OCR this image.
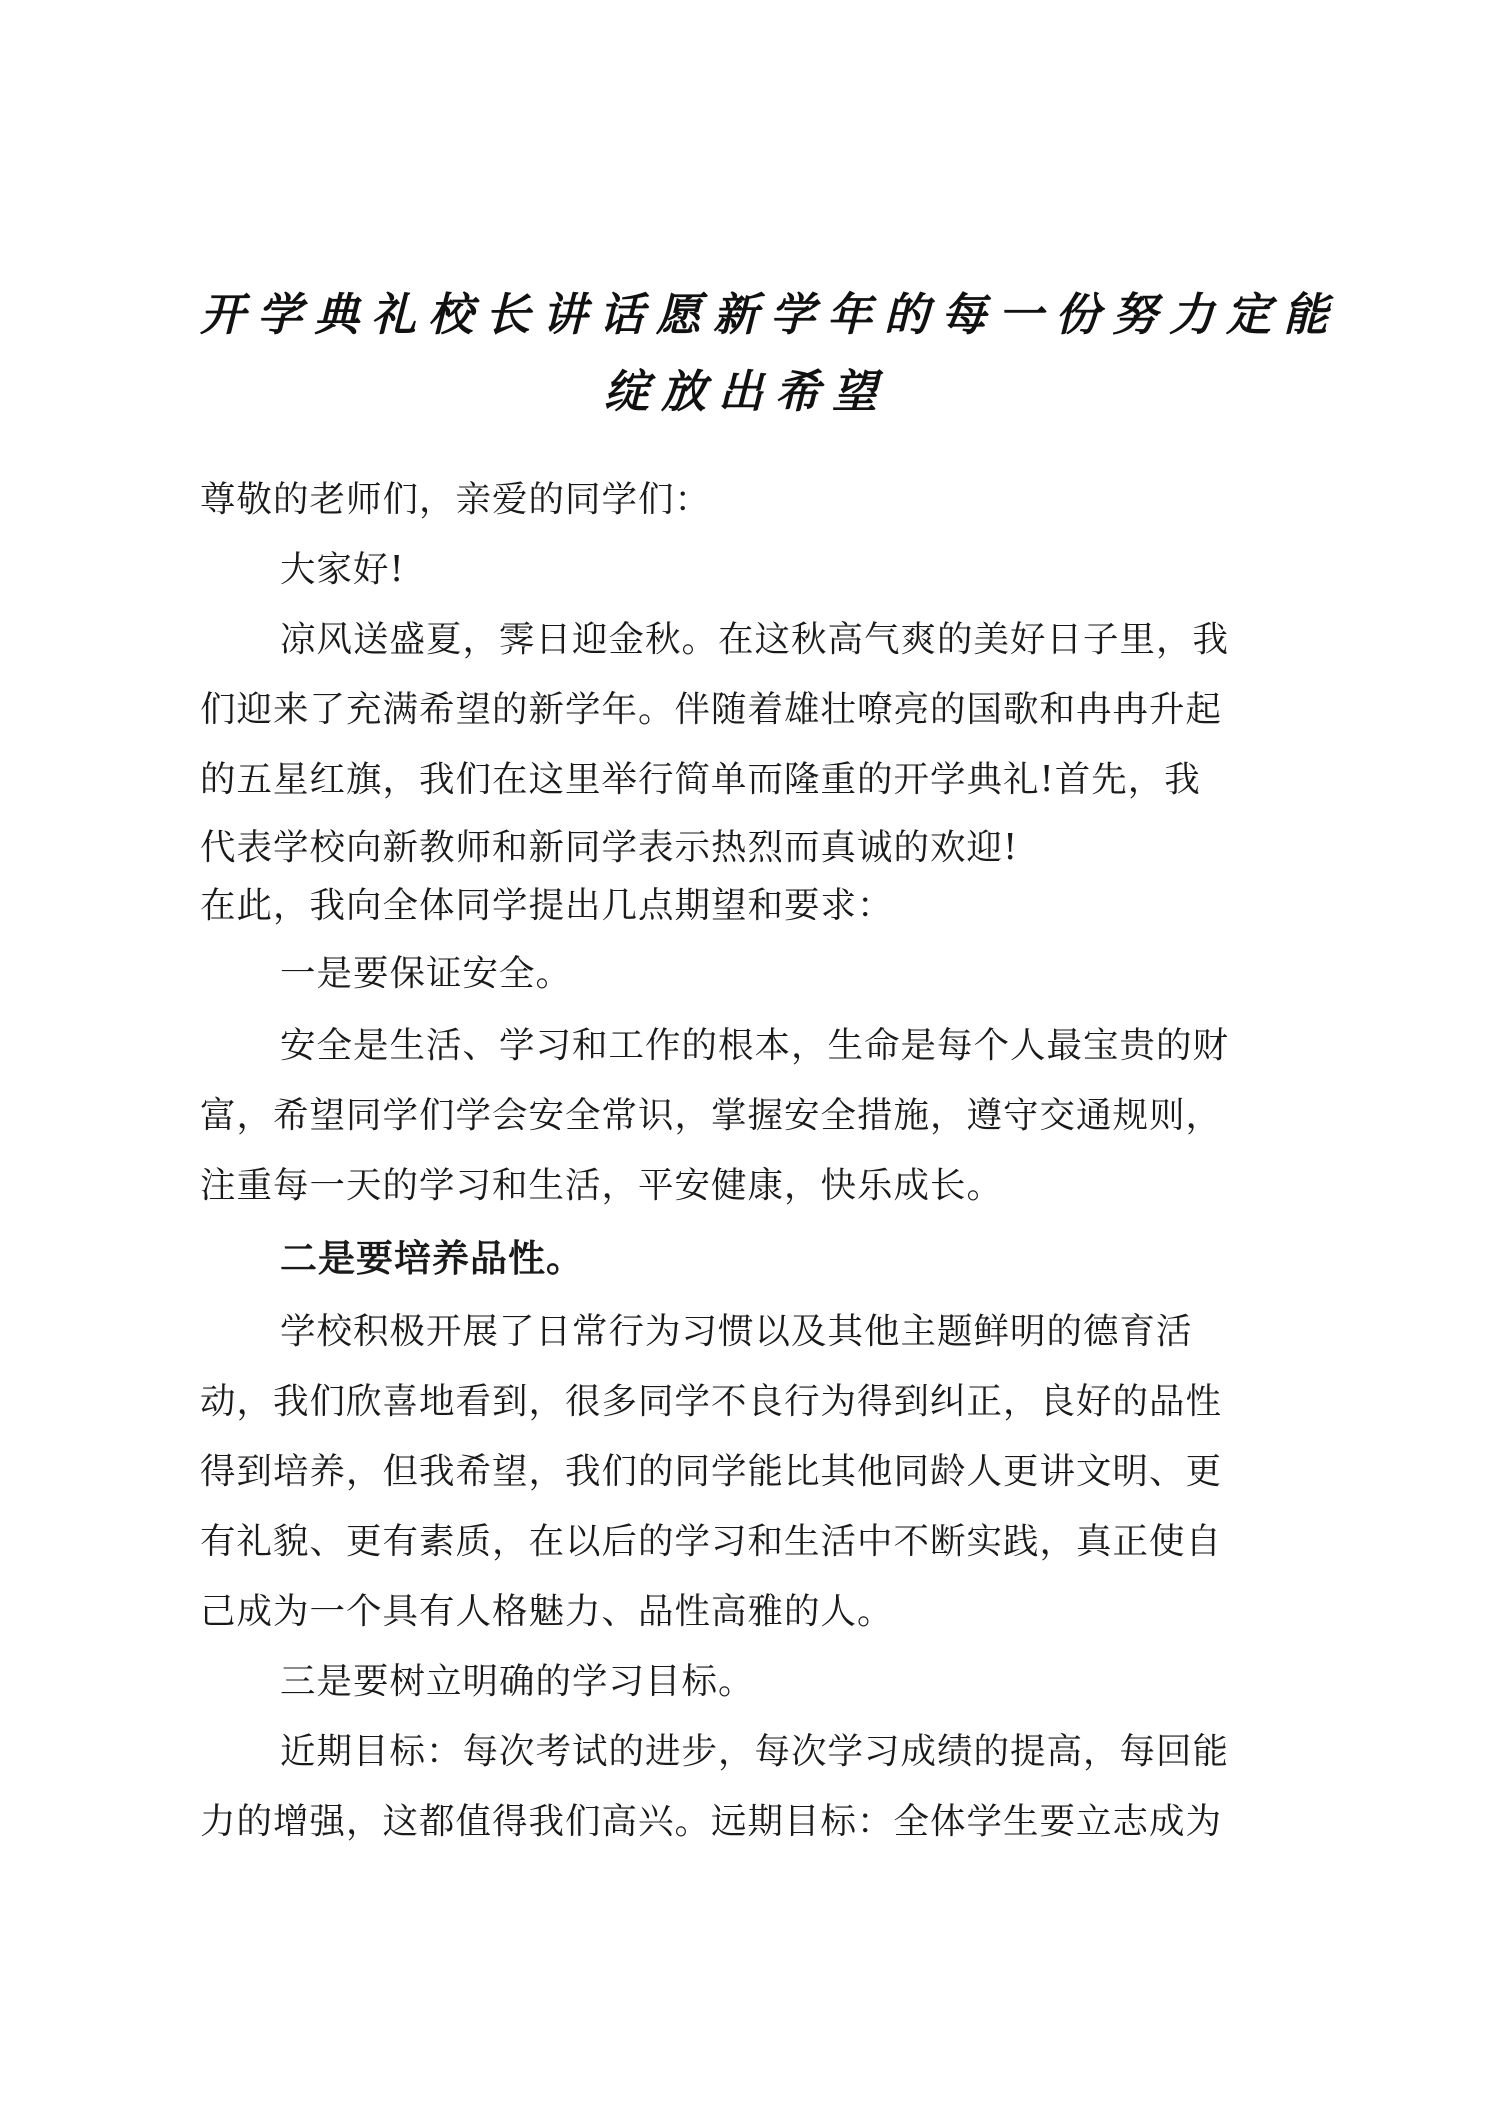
开学典礼校长讲话愿新学年的每一份努力定能
绽放出希望
尊敬的老师们，亲爱的同学们：
大家好!
凉风送盛夏，霁日迎金秋。在这秋高气爽的美好日子里，我
们迎来了充满希望的新学年。伴随着雄壮嘹亮的国歌和冉冉升起
的五星红旗，我们在这里举行简单而隆重的开学典礼!首先，我
代表学校向新教师和新同学表示热烈而真诚的欢迎!
在此，我向全体同学提出几点期望和要求：
一是要保证安全。
安全是生活、学习和工作的根本，生命是每个人最宝贵的财
富，希望同学们学会安全常识，掌握安全措施，遵守交通规则，
注重每一天的学习和生活，平安健康，快乐成长。
二是要培养品性。
学校积极开展了日常行为习惯以及其他主题鲜明的德育活
动，我们欣喜地看到，很多同学不良行为得到纠正，良好的品性
得到培养，但我希望，我们的同学能比其他同龄人更讲文明、更
有礼貌、更有素质，在以后的学习和生活中不断实践，真正使自
己成为一个具有人格魅力、品性高雅的人。
三是要树立明确的学习目标。
近期目标：每次考试的进步，每次学习成绩的提高，每回能
力的增强，这都值得我们高兴。远期目标：全体学生要立志成为
